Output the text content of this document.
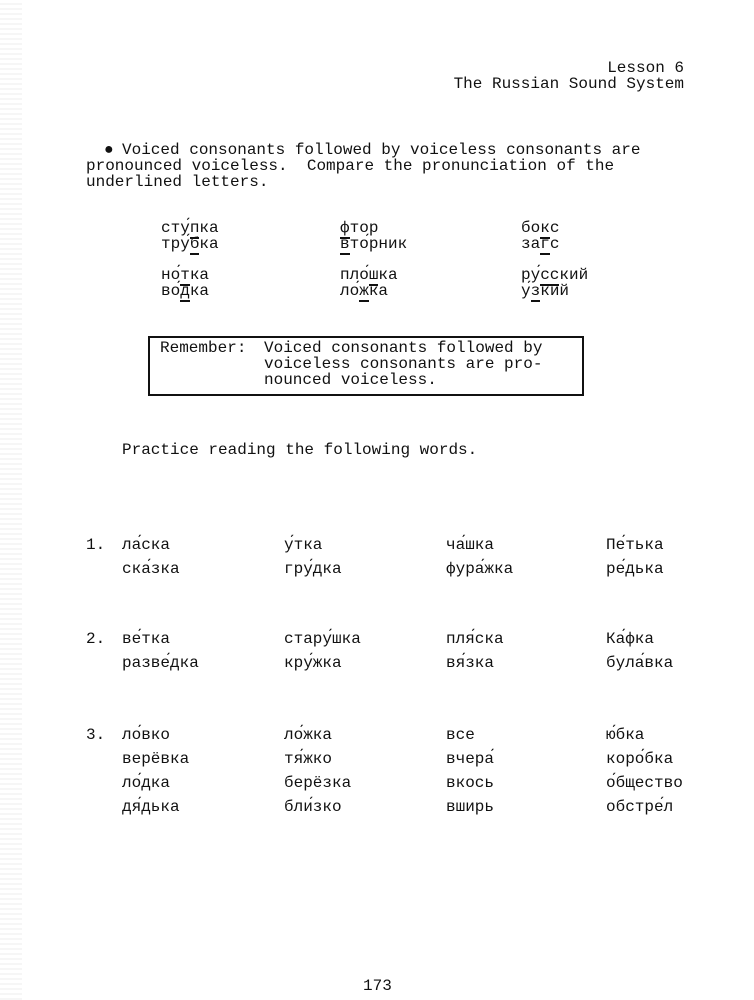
Lesson 6
The Russian Sound System
● Voiced consonants followed by voiceless consonants are
pronounced voiceless.  Compare the pronunciation of the
underlined letters.
сту́пка
тру́бка
но́тка
во́дка
фтор
вто́рник
пло́шка
ло́жка
бокс
загс
ру́сский
у́зкий
Remember: Voiced consonants followed by
voiceless consonants are pro-
nounced voiceless.
Practice reading the following words.
1. ла́ска
ска́зка
у́тка
гру́дка
ча́шка
фура́жка
Пе́тька
ре́дька
2. ве́тка
разве́дка
стару́шка
кру́жка
пля́ска
вя́зка
Ка́фка
була́вка
3. ло́вко
верёвка
ло́дка
дя́дька
ло́жка
тя́жко
берёзка
бли́зко
все
вчера́
вкось
вширь
ю́бка
коро́бка
о́бщество
обстре́л
173
